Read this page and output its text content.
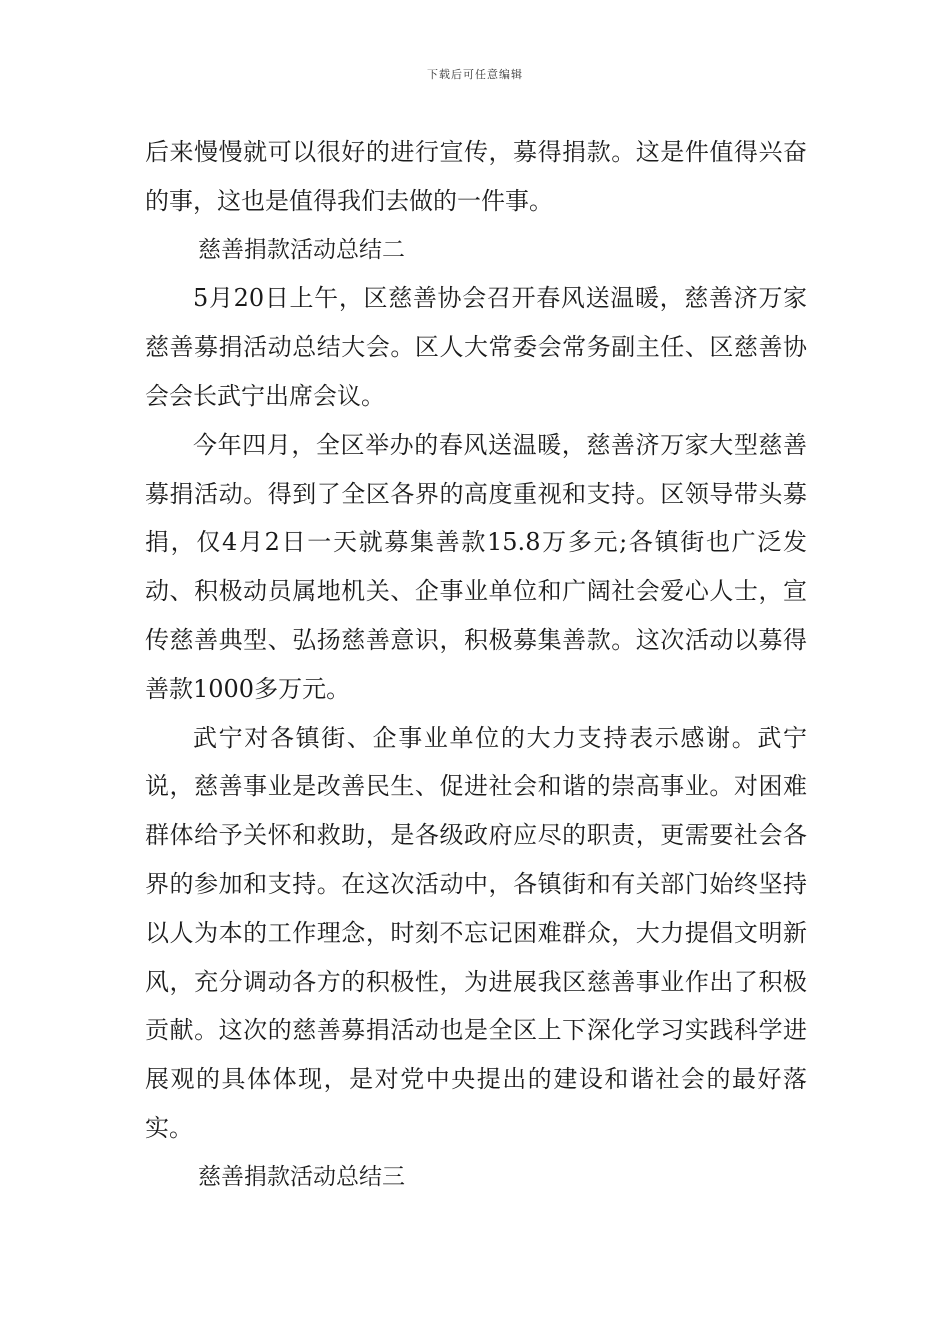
下载后可任意编辑

后来慢慢就可以很好的进行宣传，募得捐款。这是件值得兴奋的事，这也是值得我们去做的一件事。

慈善捐款活动总结二

5月20日上午，区慈善协会召开春风送温暖，慈善济万家慈善募捐活动总结大会。区人大常委会常务副主任、区慈善协会会长武宁出席会议。

今年四月，全区举办的春风送温暖，慈善济万家大型慈善募捐活动。得到了全区各界的高度重视和支持。区领导带头募捐，仅4月2日一天就募集善款15.8万多元;各镇街也广泛发动、积极动员属地机关、企事业单位和广阔社会爱心人士，宣传慈善典型、弘扬慈善意识，积极募集善款。这次活动以募得善款1000多万元。

武宁对各镇街、企事业单位的大力支持表示感谢。武宁说，慈善事业是改善民生、促进社会和谐的崇高事业。对困难群体给予关怀和救助，是各级政府应尽的职责，更需要社会各界的参加和支持。在这次活动中，各镇街和有关部门始终坚持以人为本的工作理念，时刻不忘记困难群众，大力提倡文明新风，充分调动各方的积极性，为进展我区慈善事业作出了积极贡献。这次的慈善募捐活动也是全区上下深化学习实践科学进展观的具体体现，是对党中央提出的建设和谐社会的最好落实。

慈善捐款活动总结三
